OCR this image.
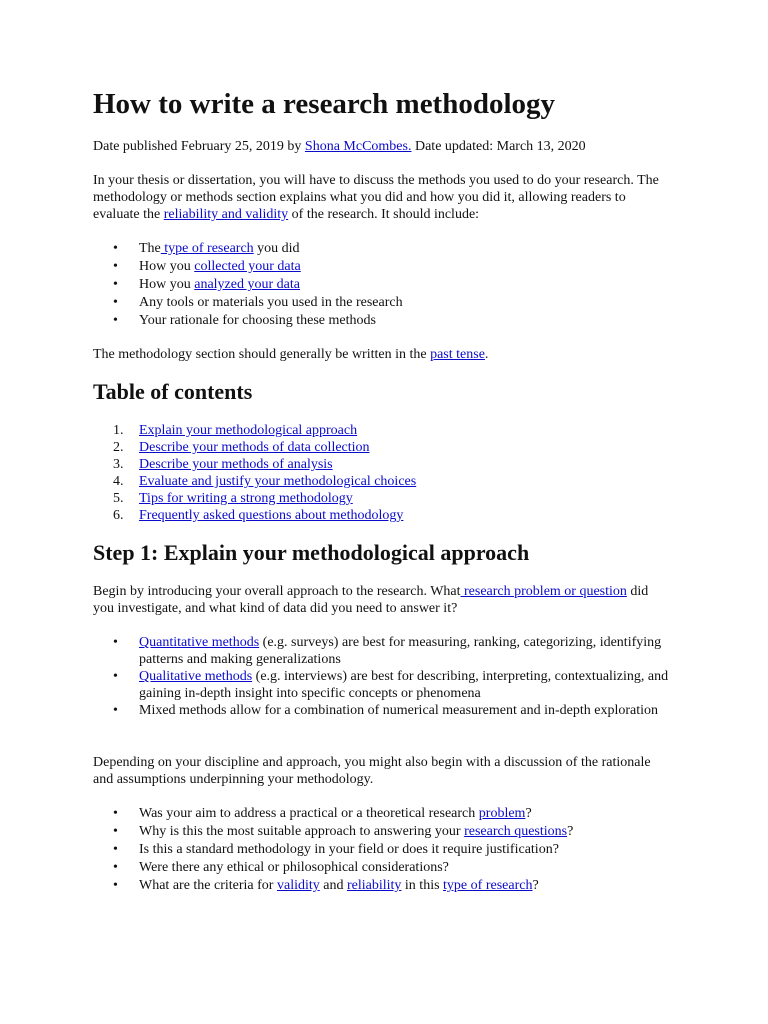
How to write a research methodology

Date published February 25, 2019 by Shona McCombes. Date updated: March 13, 2020

In your thesis or dissertation, you will have to discuss the methods you used to do your research. The methodology or methods section explains what you did and how you did it, allowing readers to evaluate the reliability and validity of the research. It should include:

• The type of research you did
• How you collected your data
• How you analyzed your data
• Any tools or materials you used in the research
• Your rationale for choosing these methods

The methodology section should generally be written in the past tense.

Table of contents
1. Explain your methodological approach
2. Describe your methods of data collection
3. Describe your methods of analysis
4. Evaluate and justify your methodological choices
5. Tips for writing a strong methodology
6. Frequently asked questions about methodology
Step 1: Explain your methodological approach

Begin by introducing your overall approach to the research. What research problem or question did you investigate, and what kind of data did you need to answer it?

• Quantitative methods (e.g. surveys) are best for measuring, ranking, categorizing, identifying patterns and making generalizations
• Qualitative methods (e.g. interviews) are best for describing, interpreting, contextualizing, and gaining in-depth insight into specific concepts or phenomena
• Mixed methods allow for a combination of numerical measurement and in-depth exploration

Depending on your discipline and approach, you might also begin with a discussion of the rationale and assumptions underpinning your methodology.

• Was your aim to address a practical or a theoretical research problem?
• Why is this the most suitable approach to answering your research questions?
• Is this a standard methodology in your field or does it require justification?
• Were there any ethical or philosophical considerations?
• What are the criteria for validity and reliability in this type of research?
